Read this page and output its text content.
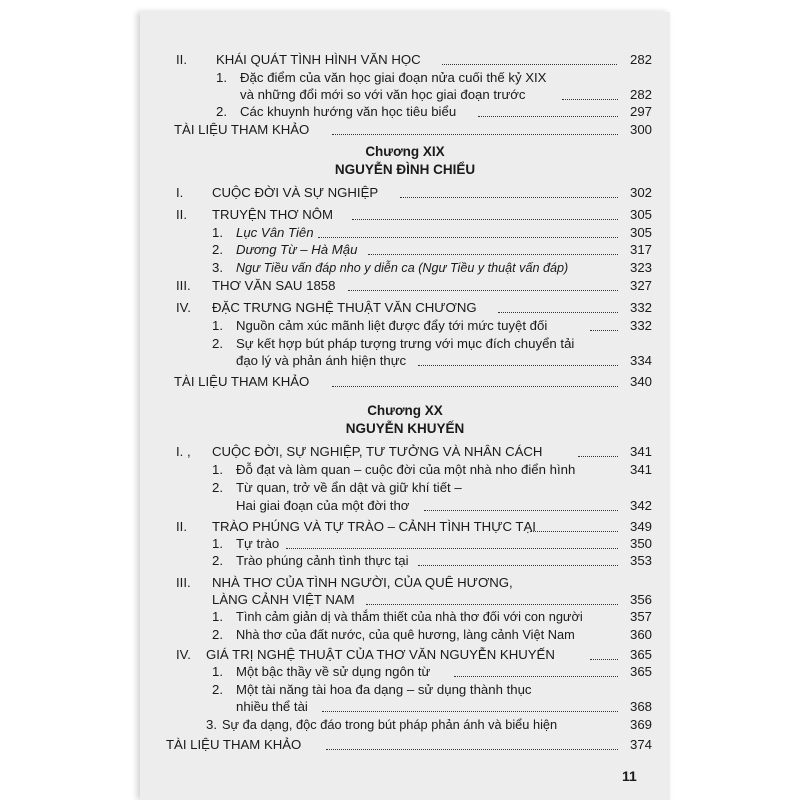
II. KHÁI QUÁT TÌNH HÌNH VĂN HỌC	282
1. Đặc điểm của văn học giai đoạn nửa cuối thế kỷ XIX
và những đổi mới so với văn học giai đoạn trước	282
2. Các khuynh hướng văn học tiêu biểu	297
TÀI LIỆU THAM KHẢO	300
Chương XIX
NGUYỄN ĐÌNH CHIỂU
I. CUỘC ĐỜI VÀ SỰ NGHIỆP	302
II. TRUYỆN THƠ NÔM	305
1. Lục Vân Tiên	305
2. Dương Từ – Hà Mậu	317
3. Ngư Tiều vấn đáp nho y diễn ca (Ngư Tiều y thuật vấn đáp)	323
III. THƠ VĂN SAU 1858	327
IV. ĐẶC TRƯNG NGHỆ THUẬT VĂN CHƯƠNG	332
1. Nguồn cảm xúc mãnh liệt được đẩy tới mức tuyệt đối	332
2. Sự kết hợp bút pháp tượng trưng với mục đích chuyển tải
đạo lý và phản ánh hiện thực	334
TÀI LIỆU THAM KHẢO	340
Chương XX
NGUYỄN KHUYẾN
I. , CUỘC ĐỜI, SỰ NGHIỆP, TƯ TƯỞNG VÀ NHÂN CÁCH	341
1. Đỗ đạt và làm quan – cuộc đời của một nhà nho điển hình	341
2. Từ quan, trở về ẩn dật và giữ khí tiết –
Hai giai đoạn của một đời thơ	342
II. TRÀO PHÚNG VÀ TỰ TRÀO – CẢNH TÌNH THỰC TẠI	349
1. Tự trào	350
2. Trào phúng cảnh tình thực tại	353
III. NHÀ THƠ CỦA TÌNH NGƯỜI, CỦA QUÊ HƯƠNG,
LÀNG CẢNH VIỆT NAM	356
1. Tình cảm giản dị và thắm thiết của nhà thơ đối với con người	357
2. Nhà thơ của đất nước, của quê hương, làng cảnh Việt Nam	360
IV. GIÁ TRỊ NGHỆ THUẬT CỦA THƠ VĂN NGUYỄN KHUYẾN	365
1. Một bậc thầy về sử dụng ngôn từ	365
2. Một tài năng tài hoa đa dạng – sử dụng thành thục
nhiều thể tài	368
3. Sự đa dạng, độc đáo trong bút pháp phản ánh và biểu hiện	369
TÀI LIỆU THAM KHẢO	374
11
